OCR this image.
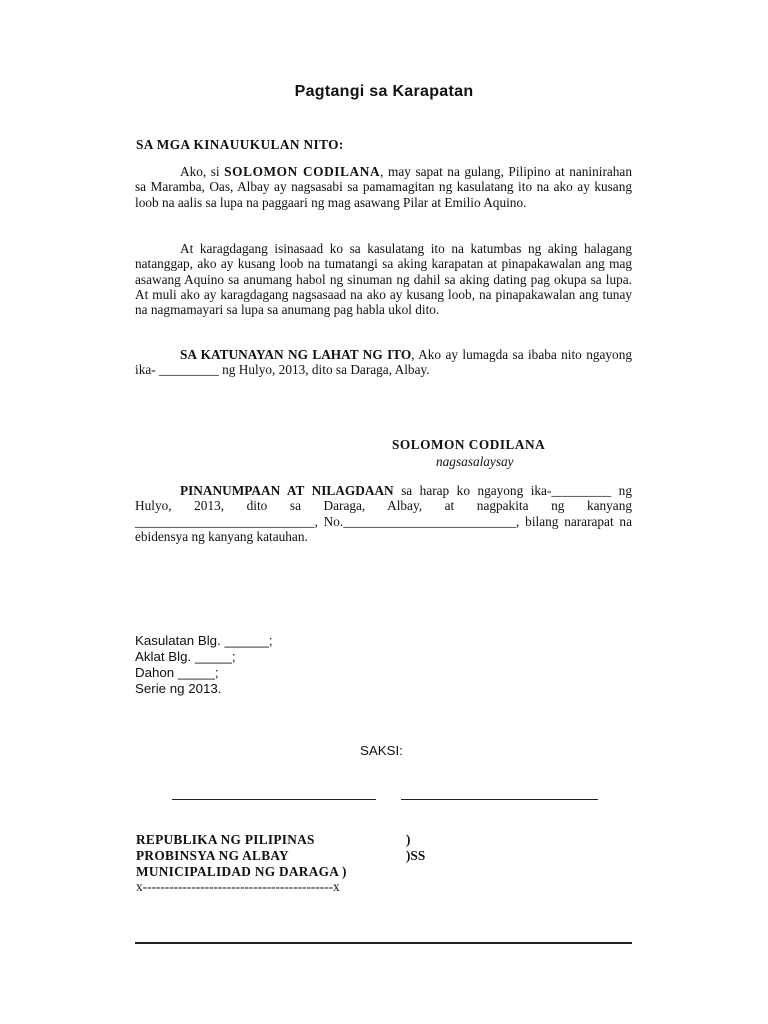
Pagtangi sa Karapatan
SA MGA KINAUUKULAN NITO:

Ako, si SOLOMON CODILANA, may sapat na gulang, Pilipino at naninirahan sa Maramba, Oas, Albay ay nagsasabi sa pamamagitan ng kasulatang ito na ako ay kusang loob na aalis sa lupa na paggaari ng mag asawang Pilar at Emilio Aquino.

At karagdagang isinasaad ko sa kasulatang ito na katumbas ng aking halagang natanggap, ako ay kusang loob na tumatangi sa aking karapatan at pinapakawalan ang mag asawang Aquino sa anumang habol ng sinuman ng dahil sa aking dating pag okupa sa lupa. At muli ako ay karagdagang nagsasaad na ako ay kusang loob, na pinapakawalan ang tunay na nagmamayari sa lupa sa anumang pag habla ukol dito.

SA KATUNAYAN NG LAHAT NG ITO, Ako ay lumagda sa ibaba nito ngayong ika- _________ ng Hulyo, 2013, dito sa Daraga, Albay.

SOLOMON CODILANA
nagsasalaysay

PINANUMPAAN AT NILAGDAAN sa harap ko ngayong ika-_________ ng Hulyo, 2013, dito sa Daraga, Albay, at nagpakita ng kanyang ___________________________, No.__________________________, bilang nararapat na ebidensya ng kanyang katauhan.

Kasulatan Blg. ______;
Aklat Blg. _____;
Dahon _____;
Serie ng 2013.
SAKSI:
REPUBLIKA NG PILIPINAS	)
PROBINSYA NG ALBAY	)SS
MUNICIPALIDAD NG DARAGA )
x-------------------------------------------x
